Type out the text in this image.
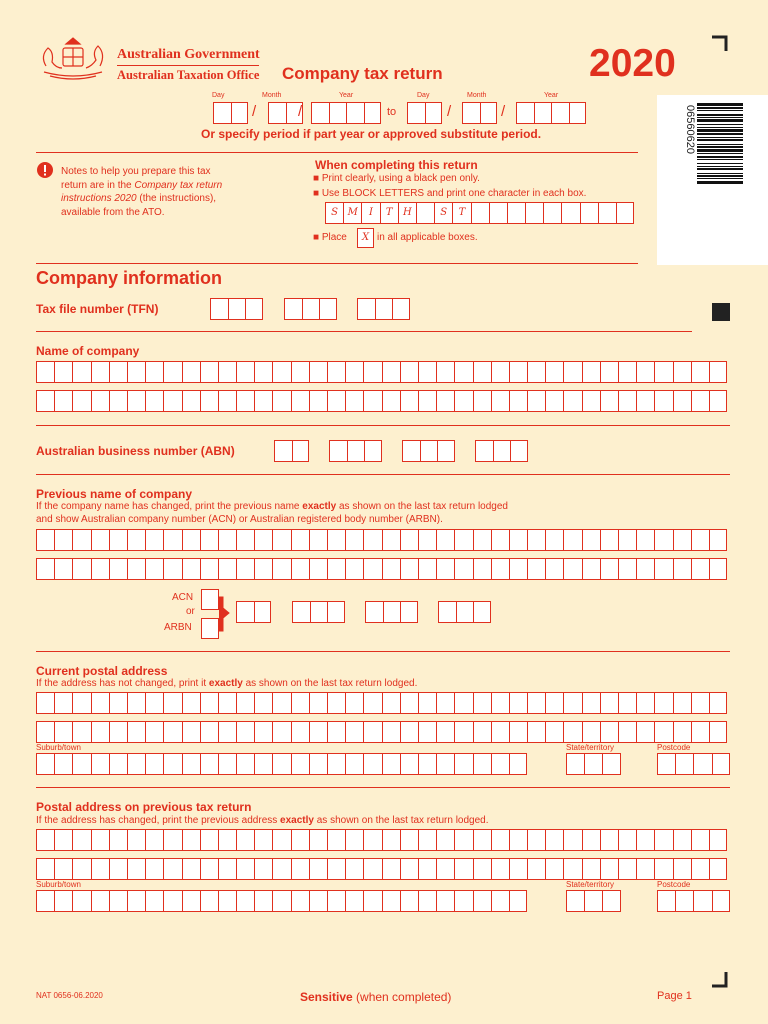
Australian Government
Australian Taxation Office Company tax return	2020
06560620
Day	Month	Year	Day	Month	Year
/	/	to	/	/
Or specify period if part year or approved substitute period.
Notes to help you prepare this tax
return are in the Company tax return
instructions 2020 (the instructions),
available from the ATO.
When completing this return
■ Print clearly, using a black pen only.
■ Use BLOCK LETTERS and print one character in each box.
S M	I	T	H	S	T
■ Place	X in all applicable boxes.
Company information
Tax file number (TFN)
Name of company
Australian business number (ABN)
Previous name of company
If the company name has changed, print the previous name exactly as shown on the last tax return lodged
and show Australian company number (ACN) or Australian registered body number (ARBN).
ACN
or
ARBN
Current postal address
If the address has not changed, print it exactly as shown on the last tax return lodged.
Suburb/town	State/territory	Postcode
Postal address on previous tax return
If the address has changed, print the previous address exactly as shown on the last tax return lodged.
Suburb/town	State/territory	Postcode
NAT 0656-06.2020	Sensitive (when completed)	Page 1
